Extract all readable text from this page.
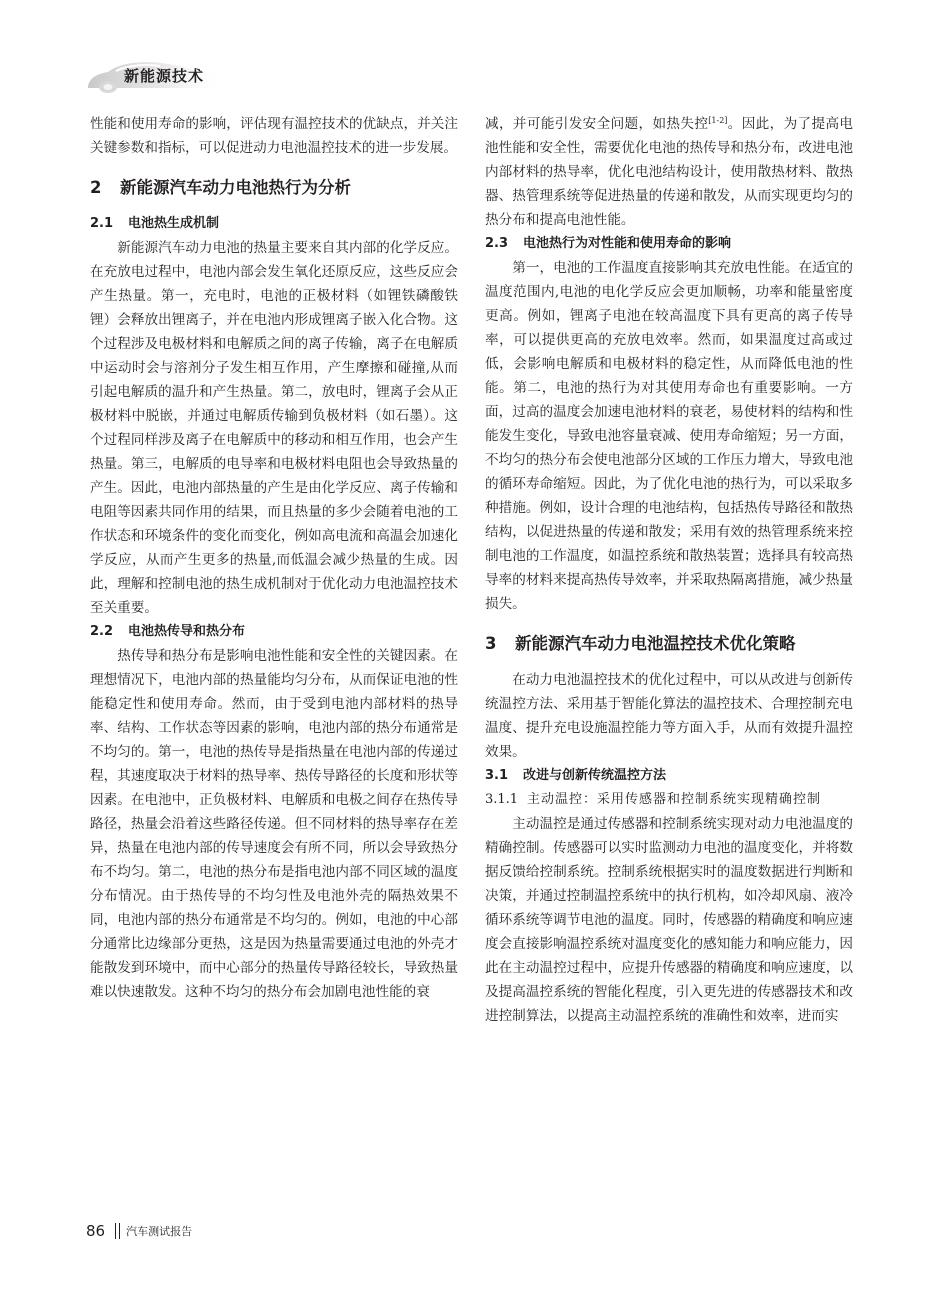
新能源技术

性能和使用寿命的影响，评估现有温控技术的优缺点，并关注关键参数和指标，可以促进动力电池温控技术的进一步发展。

2 新能源汽车动力电池热行为分析
2.1 电池热生成机制

新能源汽车动力电池的热量主要来自其内部的化学反应。在充放电过程中，电池内部会发生氧化还原反应，这些反应会产生热量。第一，充电时，电池的正极材料（如锂铁磷酸铁锂）会释放出锂离子，并在电池内形成锂离子嵌入化合物。这个过程涉及电极材料和电解质之间的离子传输，离子在电解质中运动时会与溶剂分子发生相互作用，产生摩擦和碰撞,从而引起电解质的温升和产生热量。第二，放电时，锂离子会从正极材料中脱嵌，并通过电解质传输到负极材料（如石墨）。这个过程同样涉及离子在电解质中的移动和相互作用，也会产生热量。第三，电解质的电导率和电极材料电阻也会导致热量的产生。因此，电池内部热量的产生是由化学反应、离子传输和电阻等因素共同作用的结果，而且热量的多少会随着电池的工作状态和环境条件的变化而变化，例如高电流和高温会加速化学反应，从而产生更多的热量,而低温会减少热量的生成。因此，理解和控制电池的热生成机制对于优化动力电池温控技术至关重要。

2.2 电池热传导和热分布

热传导和热分布是影响电池性能和安全性的关键因素。在理想情况下，电池内部的热量能均匀分布，从而保证电池的性能稳定性和使用寿命。然而，由于受到电池内部材料的热导率、结构、工作状态等因素的影响，电池内部的热分布通常是不均匀的。第一，电池的热传导是指热量在电池内部的传递过程，其速度取决于材料的热导率、热传导路径的长度和形状等因素。在电池中，正负极材料、电解质和电极之间存在热传导路径，热量会沿着这些路径传递。但不同材料的热导率存在差异，热量在电池内部的传导速度会有所不同，所以会导致热分布不均匀。第二，电池的热分布是指电池内部不同区域的温度分布情况。由于热传导的不均匀性及电池外壳的隔热效果不同，电池内部的热分布通常是不均匀的。例如，电池的中心部分通常比边缘部分更热，这是因为热量需要通过电池的外壳才能散发到环境中，而中心部分的热量传导路径较长，导致热量难以快速散发。这种不均匀的热分布会加剧电池性能的衰

减，并可能引发安全问题，如热失控[1-2]。因此，为了提高电池性能和安全性，需要优化电池的热传导和热分布，改进电池内部材料的热导率，优化电池结构设计，使用散热材料、散热器、热管理系统等促进热量的传递和散发，从而实现更均匀的热分布和提高电池性能。

2.3 电池热行为对性能和使用寿命的影响

第一，电池的工作温度直接影响其充放电性能。在适宜的温度范围内,电池的电化学反应会更加顺畅，功率和能量密度更高。例如，锂离子电池在较高温度下具有更高的离子传导率，可以提供更高的充放电效率。然而，如果温度过高或过低，会影响电解质和电极材料的稳定性，从而降低电池的性能。第二，电池的热行为对其使用寿命也有重要影响。一方面，过高的温度会加速电池材料的衰老，易使材料的结构和性能发生变化，导致电池容量衰减、使用寿命缩短；另一方面，不均匀的热分布会使电池部分区域的工作压力增大，导致电池的循环寿命缩短。因此，为了优化电池的热行为，可以采取多种措施。例如，设计合理的电池结构，包括热传导路径和散热结构，以促进热量的传递和散发；采用有效的热管理系统来控制电池的工作温度，如温控系统和散热装置；选择具有较高热导率的材料来提高热传导效率，并采取热隔离措施，减少热量损失。

3 新能源汽车动力电池温控技术优化策略

在动力电池温控技术的优化过程中，可以从改进与创新传统温控方法、采用基于智能化算法的温控技术、合理控制充电温度、提升充电设施温控能力等方面入手，从而有效提升温控效果。

3.1 改进与创新传统温控方法
3.1.1 主动温控：采用传感器和控制系统实现精确控制

主动温控是通过传感器和控制系统实现对动力电池温度的精确控制。传感器可以实时监测动力电池的温度变化，并将数据反馈给控制系统。控制系统根据实时的温度数据进行判断和决策，并通过控制温控系统中的执行机构，如冷却风扇、液冷循环系统等调节电池的温度。同时，传感器的精确度和响应速度会直接影响温控系统对温度变化的感知能力和响应能力，因此在主动温控过程中，应提升传感器的精确度和响应速度，以及提高温控系统的智能化程度，引入更先进的传感器技术和改进控制算法，以提高主动温控系统的准确性和效率，进而实

86 汽车测试报告
